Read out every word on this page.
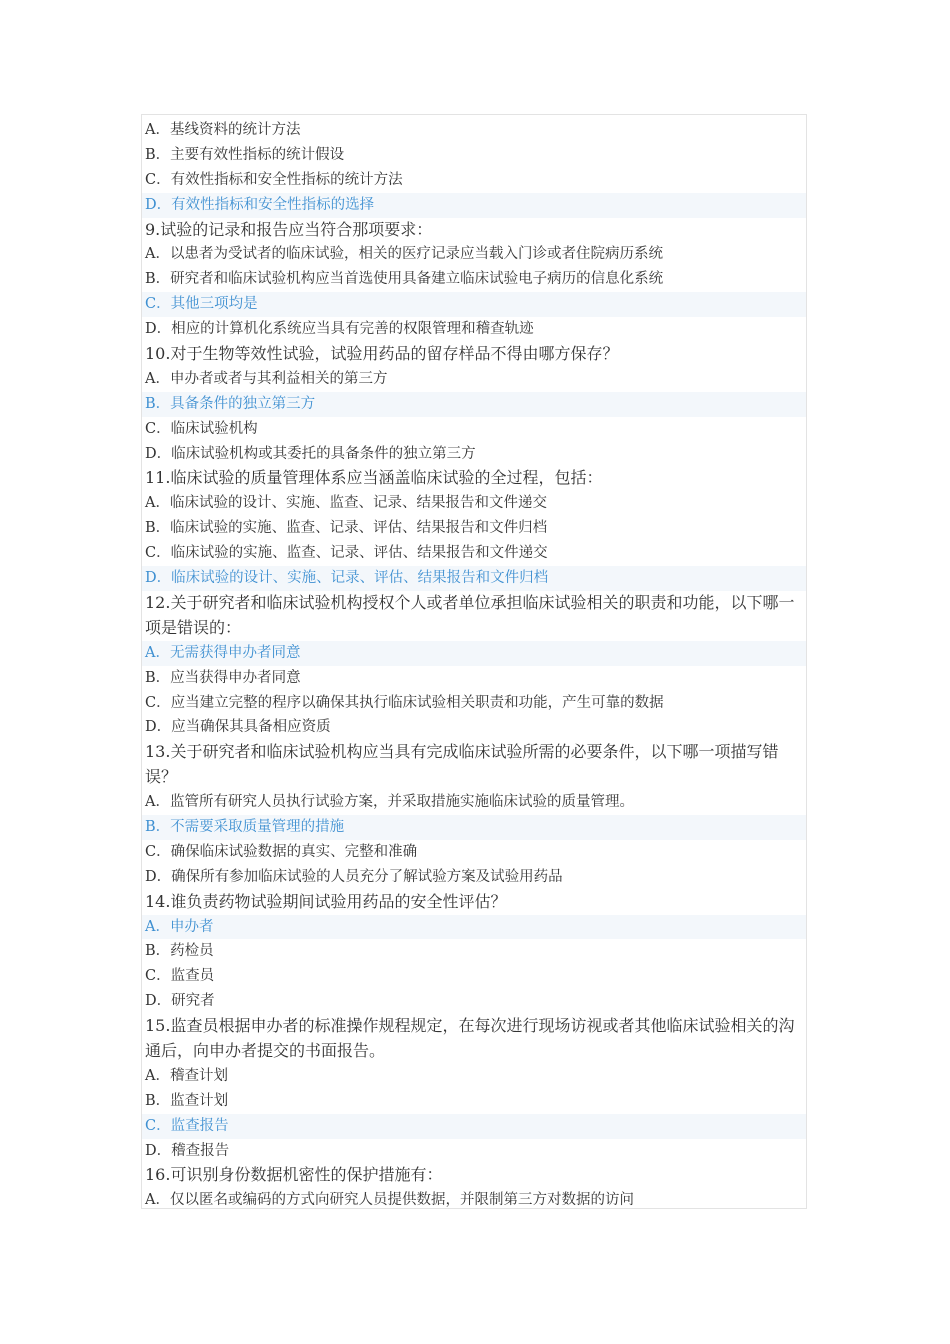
A．基线资料的统计方法
B．主要有效性指标的统计假设
C．有效性指标和安全性指标的统计方法
D．有效性指标和安全性指标的选择
9.试验的记录和报告应当符合那项要求：
A．以患者为受试者的临床试验，相关的医疗记录应当载入门诊或者住院病历系统
B．研究者和临床试验机构应当首选使用具备建立临床试验电子病历的信息化系统
C．其他三项均是
D．相应的计算机化系统应当具有完善的权限管理和稽查轨迹
10.对于生物等效性试验，试验用药品的留存样品不得由哪方保存？
A．申办者或者与其利益相关的第三方
B．具备条件的独立第三方
C．临床试验机构
D．临床试验机构或其委托的具备条件的独立第三方
11.临床试验的质量管理体系应当涵盖临床试验的全过程，包括：
A．临床试验的设计、实施、监查、记录、结果报告和文件递交
B．临床试验的实施、监查、记录、评估、结果报告和文件归档
C．临床试验的实施、监查、记录、评估、结果报告和文件递交
D．临床试验的设计、实施、记录、评估、结果报告和文件归档
12.关于研究者和临床试验机构授权个人或者单位承担临床试验相关的职责和功能，以下哪一项是错误的：
A．无需获得申办者同意
B．应当获得申办者同意
C．应当建立完整的程序以确保其执行临床试验相关职责和功能，产生可靠的数据
D．应当确保其具备相应资质
13.关于研究者和临床试验机构应当具有完成临床试验所需的必要条件，以下哪一项描写错误？
A．监管所有研究人员执行试验方案，并采取措施实施临床试验的质量管理。
B．不需要采取质量管理的措施
C．确保临床试验数据的真实、完整和准确
D．确保所有参加临床试验的人员充分了解试验方案及试验用药品
14.谁负责药物试验期间试验用药品的安全性评估？
A．申办者
B．药检员
C．监查员
D．研究者
15.监查员根据申办者的标准操作规程规定，在每次进行现场访视或者其他临床试验相关的沟通后，向申办者提交的书面报告。
A．稽查计划
B．监查计划
C．监查报告
D．稽查报告
16.可识别身份数据机密性的保护措施有：
A．仅以匿名或编码的方式向研究人员提供数据，并限制第三方对数据的访问
